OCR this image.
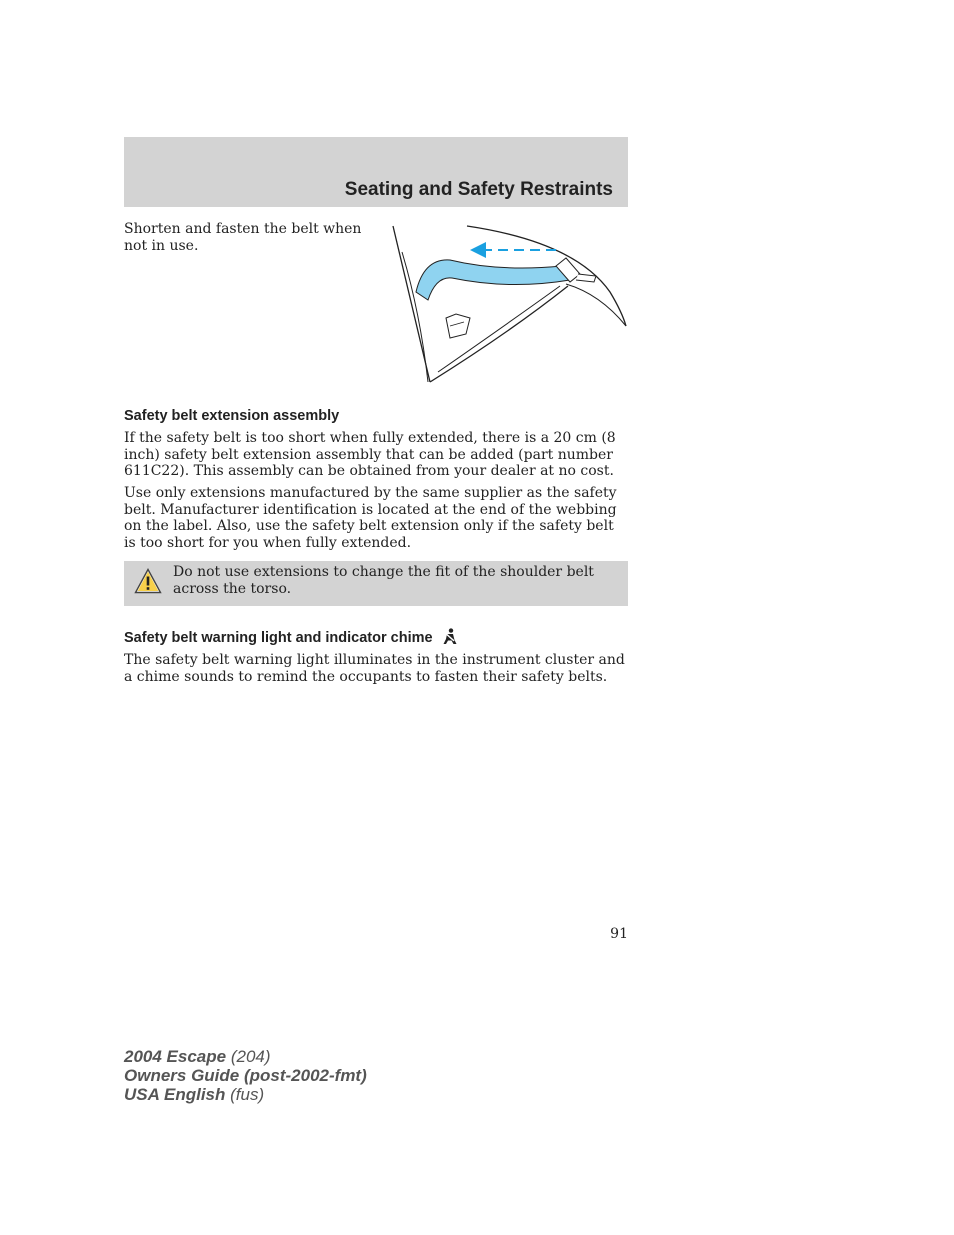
Seating and Safety Restraints
Shorten and fasten the belt when not in use.
Safety belt extension assembly
If the safety belt is too short when fully extended, there is a 20 cm (8 inch) safety belt extension assembly that can be added (part number 611C22). This assembly can be obtained from your dealer at no cost.
Use only extensions manufactured by the same supplier as the safety belt. Manufacturer identification is located at the end of the webbing on the label. Also, use the safety belt extension only if the safety belt is too short for you when fully extended.
Do not use extensions to change the fit of the shoulder belt across the torso.
Safety belt warning light and indicator chime
The safety belt warning light illuminates in the instrument cluster and a chime sounds to remind the occupants to fasten their safety belts.
91
2004 Escape (204)
Owners Guide (post-2002-fmt)
USA English (fus)
